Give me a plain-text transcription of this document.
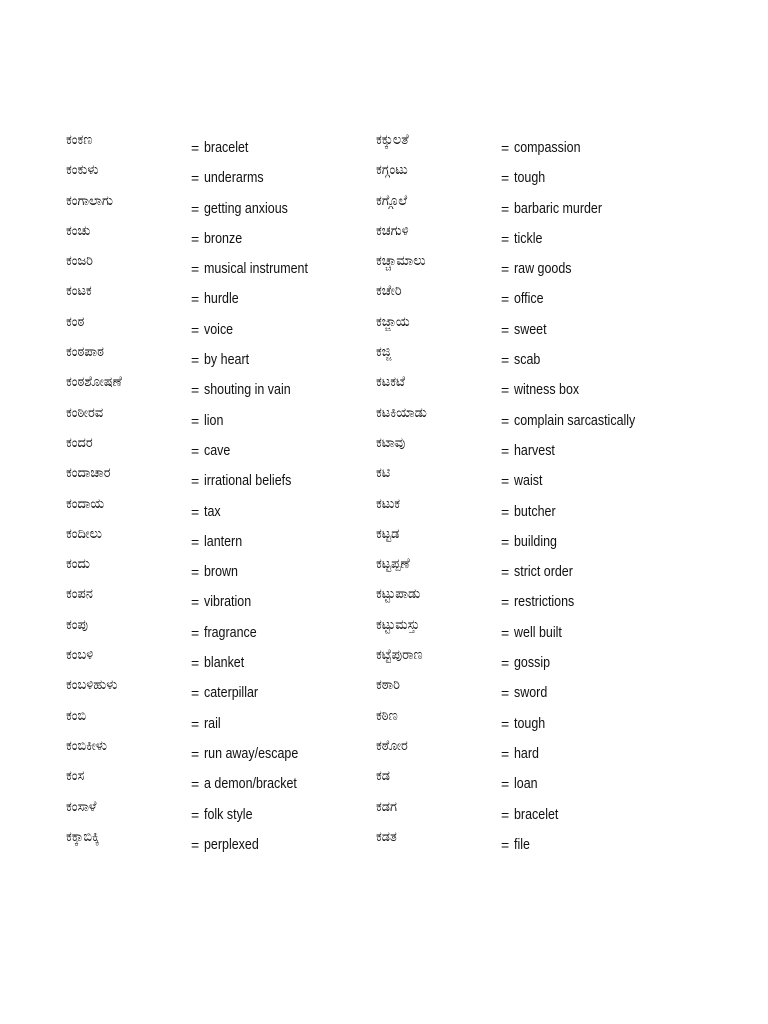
ಕಂಕಣ	= bracelet
ಕಂಕುಳು	= underarms
ಕಂಗಾಲಾಗು	= getting anxious
ಕಂಚು	= bronze
ಕಂಜರಿ	= musical instrument
ಕಂಟಕ	= hurdle
ಕಂಠ	= voice
ಕಂಠಪಾಠ	= by heart
ಕಂಠಶೋಷಣೆ	= shouting in vain
ಕಂಠೀರವ	= lion
ಕಂದರ	= cave
ಕಂದಾಚಾರ	= irrational beliefs
ಕಂದಾಯ	= tax
ಕಂದೀಲು	= lantern
ಕಂದು	= brown
ಕಂಪನ	= vibration
ಕಂಪು	= fragrance
ಕಂಬಳಿ	= blanket
ಕಂಬಳಿಹುಳು	= caterpillar
ಕಂಬಿ	= rail
ಕಂಬಿಕೀಳು	= run away/escape
ಕಂಸ	= a demon/bracket
ಕಂಸಾಳೆ	= folk style
ಕಕ್ಕಾಬಿಕ್ಕಿ	= perplexed
ಕಕ್ಕುಲತೆ	= compassion
ಕಗ್ಗಂಟು	= tough
ಕಗ್ಗೊಲೆ	= barbaric murder
ಕಚಗುಳಿ	= tickle
ಕಚ್ಚಾಮಾಲು	= raw goods
ಕಚೇರಿ	= office
ಕಜ್ಜಾಯ	= sweet
ಕಜ್ಜಿ	= scab
ಕಟಕಟೆ	= witness box
ಕಟಕಿಯಾಡು	= complain sarcastically
ಕಟಾವು	= harvest
ಕಟಿ	= waist
ಕಟುಕ	= butcher
ಕಟ್ಟಡ	= building
ಕಟ್ಟಪ್ಪಣೆ	= strict order
ಕಟ್ಟುಪಾಡು	= restrictions
ಕಟ್ಟುಮಸ್ತು	= well built
ಕಟ್ಟೆಪುರಾಣ	= gossip
ಕಠಾರಿ	= sword
ಕಠಿಣ	= tough
ಕಠೋರ	= hard
ಕಡ	= loan
ಕಡಗ	= bracelet
ಕಡತ	= file
